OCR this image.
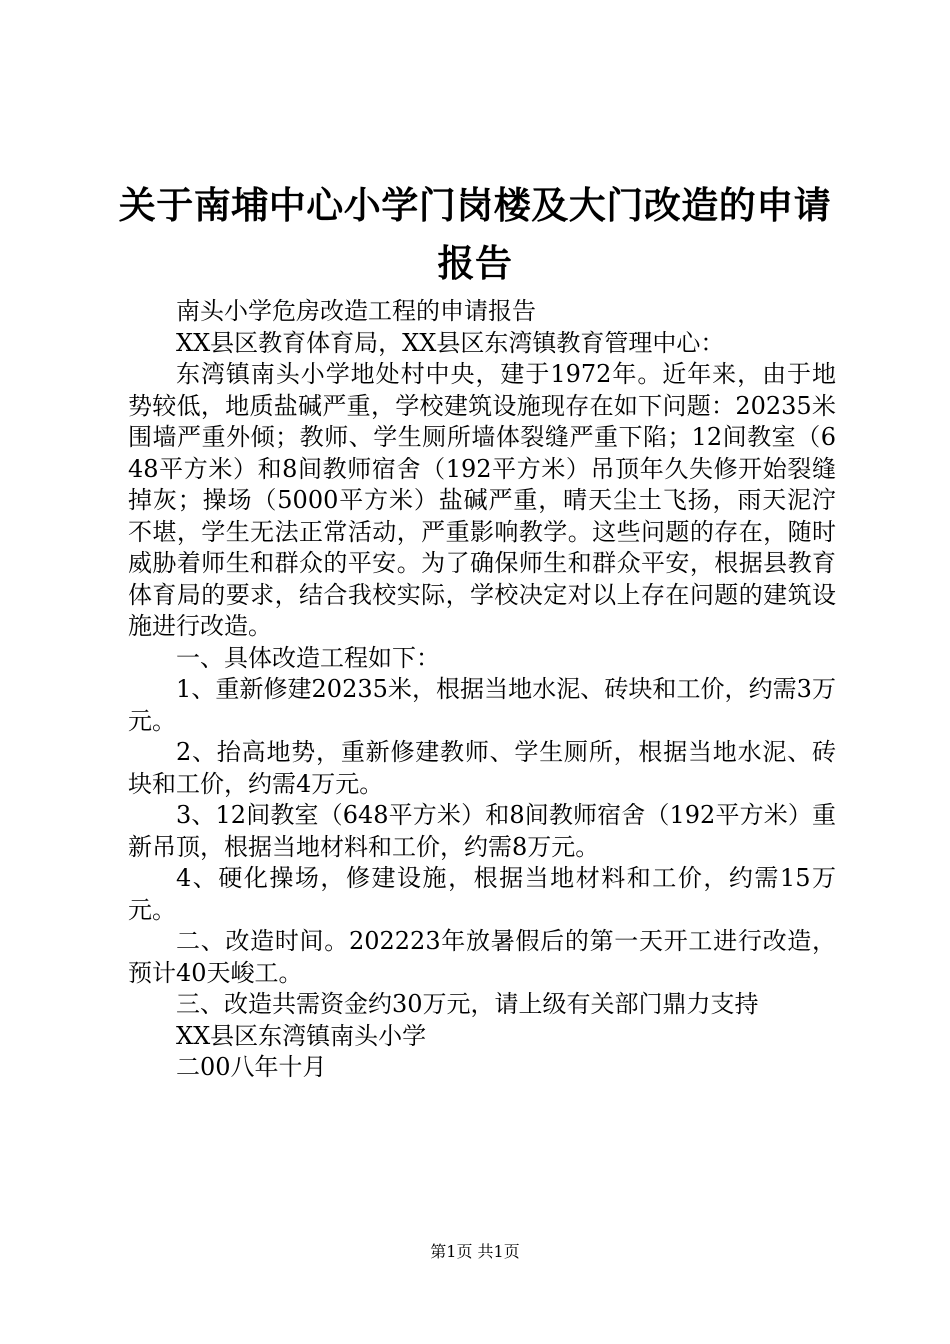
关于南埔中心小学门岗楼及大门改造的申请报告

南头小学危房改造工程的申请报告

XX县区教育体育局，XX县区东湾镇教育管理中心：

东湾镇南头小学地处村中央，建于1972年。近年来，由于地势较低，地质盐碱严重，学校建筑设施现存在如下问题：20235米围墙严重外倾；教师、学生厕所墙体裂缝严重下陷；12间教室（648平方米）和8间教师宿舍（192平方米）吊顶年久失修开始裂缝掉灰；操场（5000平方米）盐碱严重，晴天尘土飞扬，雨天泥泞不堪，学生无法正常活动，严重影响教学。这些问题的存在，随时威胁着师生和群众的平安。为了确保师生和群众平安，根据县教育体育局的要求，结合我校实际，学校决定对以上存在问题的建筑设施进行改造。

一、具体改造工程如下：

1、重新修建20235米，根据当地水泥、砖块和工价，约需3万元。

2、抬高地势，重新修建教师、学生厕所，根据当地水泥、砖块和工价，约需4万元。

3、12间教室（648平方米）和8间教师宿舍（192平方米）重新吊顶，根据当地材料和工价，约需8万元。

4、硬化操场，修建设施，根据当地材料和工价，约需15万元。

二、改造时间。202223年放暑假后的第一天开工进行改造，预计40天峻工。

三、改造共需资金约30万元，请上级有关部门鼎力支持

XX县区东湾镇南头小学

二00八年十月

第1页 共1页
